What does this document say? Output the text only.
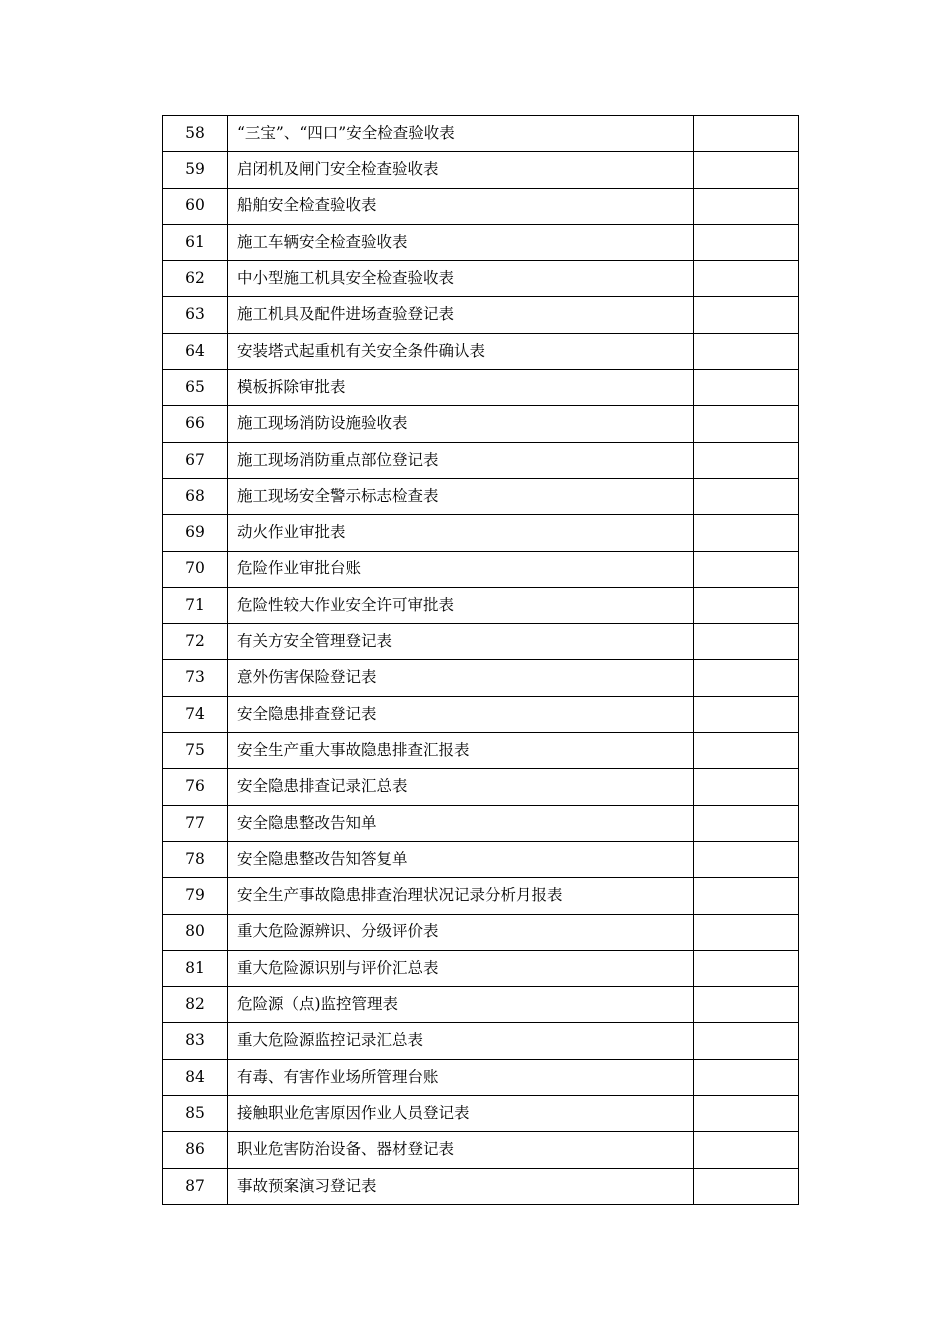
58	“三宝”、“四口”安全检查验收表	
59	启闭机及闸门安全检查验收表	
60	船舶安全检查验收表	
61	施工车辆安全检查验收表	
62	中小型施工机具安全检查验收表	
63	施工机具及配件进场查验登记表	
64	安装塔式起重机有关安全条件确认表	
65	模板拆除审批表	
66	施工现场消防设施验收表	
67	施工现场消防重点部位登记表	
68	施工现场安全警示标志检查表	
69	动火作业审批表	
70	危险作业审批台账	
71	危险性较大作业安全许可审批表	
72	有关方安全管理登记表	
73	意外伤害保险登记表	
74	安全隐患排查登记表	
75	安全生产重大事故隐患排查汇报表	
76	安全隐患排查记录汇总表	
77	安全隐患整改告知单	
78	安全隐患整改告知答复单	
79	安全生产事故隐患排查治理状况记录分析月报表	
80	重大危险源辨识、分级评价表	
81	重大危险源识别与评价汇总表	
82	危险源（点)监控管理表	
83	重大危险源监控记录汇总表	
84	有毒、有害作业场所管理台账	
85	接触职业危害原因作业人员登记表	
86	职业危害防治设备、器材登记表	
87	事故预案演习登记表	
